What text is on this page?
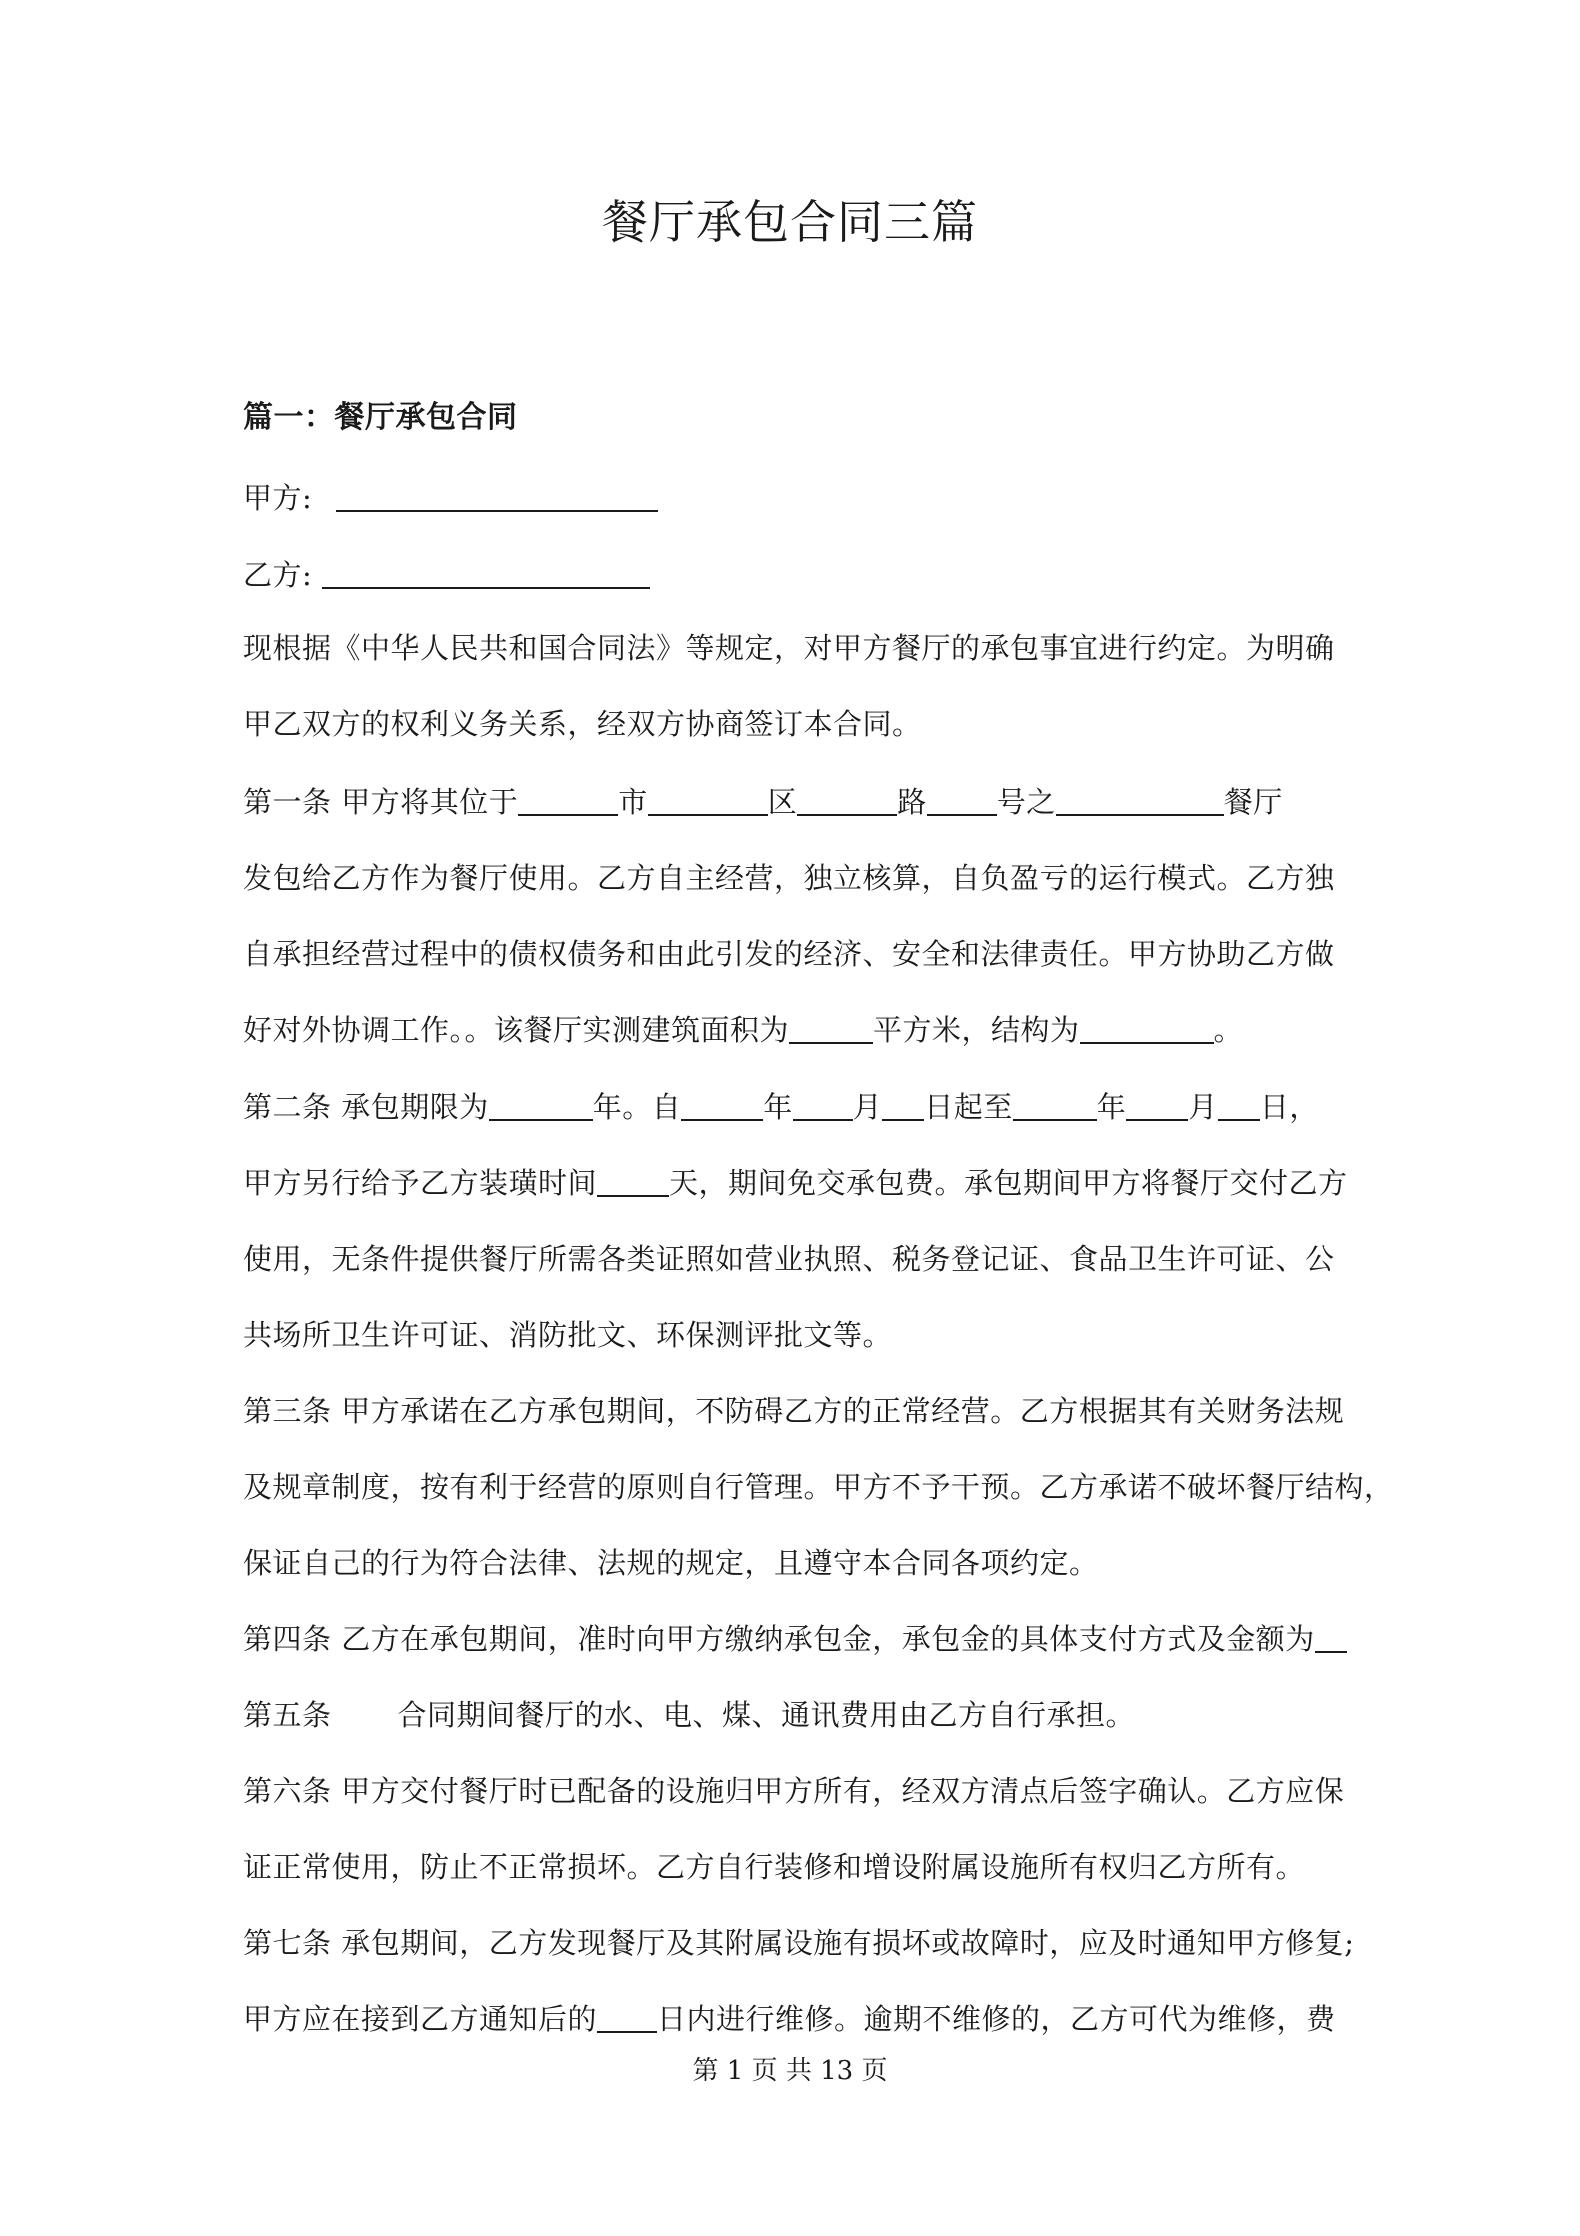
餐厅承包合同三篇
篇一：餐厅承包合同
甲方:
乙方:
现根据《中华人民共和国合同法》等规定，对甲方餐厅的承包事宜进行约定。为明确
甲乙双方的权利义务关系，经双方协商签订本合同。
第一条 甲方将其位于	市	区	路 号之	餐厅
发包给乙方作为餐厅使用。乙方自主经营，独立核算，自负盈亏的运行模式。乙方独
自承担经营过程中的债权债务和由此引发的经济、安全和法律责任。甲方协助乙方做
好对外协调工作。。该餐厅实测建筑面积为	平方米，结构为	。
第二条 承包期限为	年。自	年 月 日起至	年 月 日，
甲方另行给予乙方装璜时间 天，期间免交承包费。承包期间甲方将餐厅交付乙方
使用，无条件提供餐厅所需各类证照如营业执照、税务登记证、食品卫生许可证、公
共场所卫生许可证、消防批文、环保测评批文等。
第三条 甲方承诺在乙方承包期间，不防碍乙方的正常经营。乙方根据其有关财务法规
及规章制度，按有利于经营的原则自行管理。甲方不予干预。乙方承诺不破坏餐厅结构，
保证自己的行为符合法律、法规的规定，且遵守本合同各项约定。
第四条 乙方在承包期间，准时向甲方缴纳承包金，承包金的具体支付方式及金额为
第五条 合同期间餐厅的水、电、煤、通讯费用由乙方自行承担。
第六条 甲方交付餐厅时已配备的设施归甲方所有，经双方清点后签字确认。乙方应保
证正常使用，防止不正常损坏。乙方自行装修和增设附属设施所有权归乙方所有。
第七条 承包期间，乙方发现餐厅及其附属设施有损坏或故障时，应及时通知甲方修复;
甲方应在接到乙方通知后的 日内进行维修。逾期不维修的，乙方可代为维修，费
第 1 页 共 13 页
